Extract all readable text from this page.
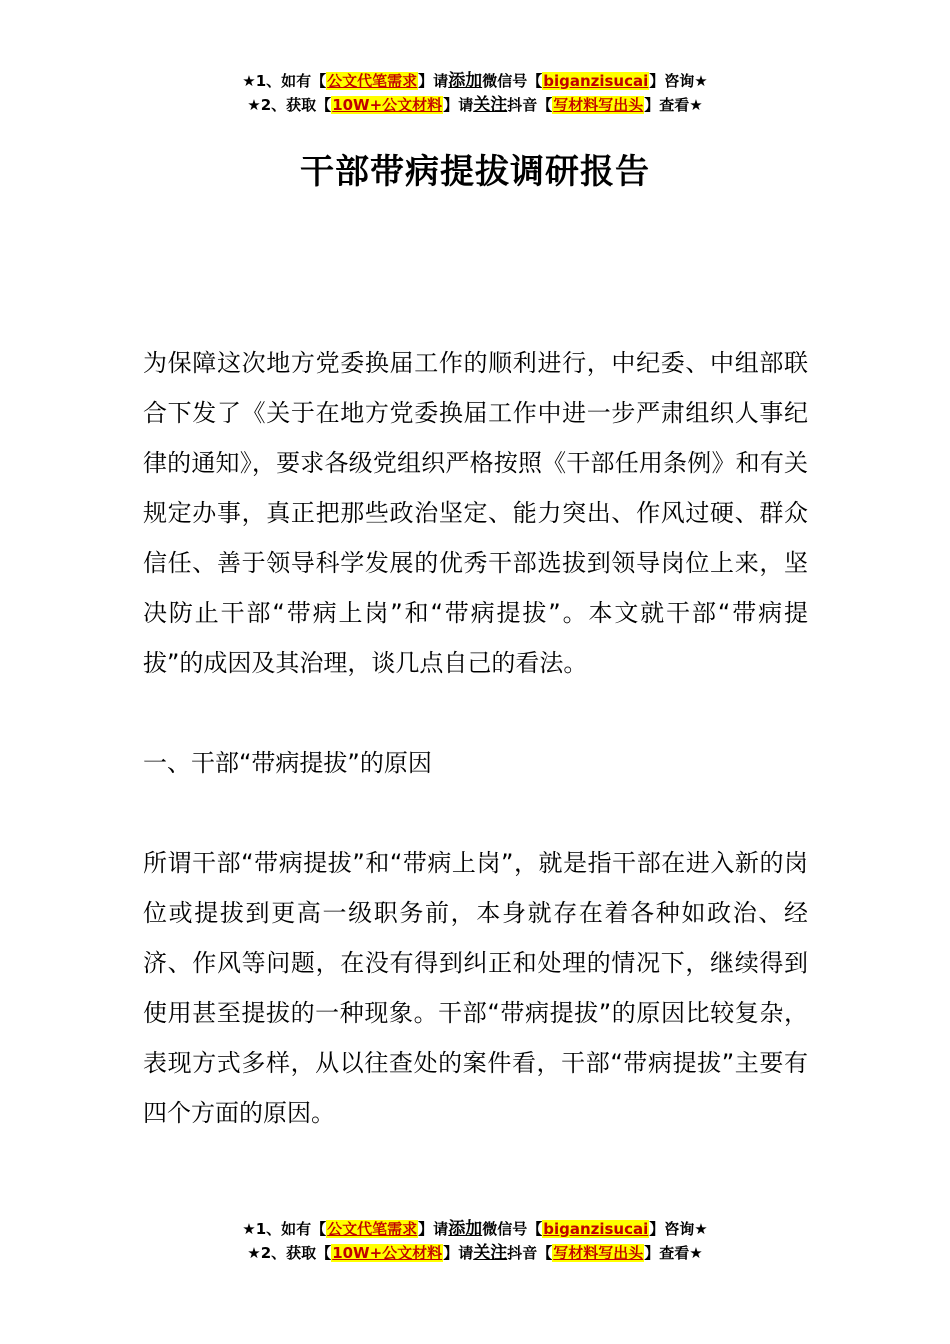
★1、如有【公文代笔需求】请添加微信号【biganzisucai】咨询★
★2、获取【10W+公文材料】请关注抖音【写材料写出头】查看★
干部带病提拔调研报告

为保障这次地方党委换届工作的顺利进行，中纪委、中组部联合下发了《关于在地方党委换届工作中进一步严肃组织人事纪律的通知》，要求各级党组织严格按照《干部任用条例》和有关规定办事，真正把那些政治坚定、能力突出、作风过硬、群众信任、善于领导科学发展的优秀干部选拔到领导岗位上来，坚决防止干部“带病上岗”和“带病提拔”。本文就干部“带病提拔”的成因及其治理，谈几点自己的看法。

一、干部“带病提拔”的原因

所谓干部“带病提拔”和“带病上岗”，就是指干部在进入新的岗位或提拔到更高一级职务前，本身就存在着各种如政治、经济、作风等问题，在没有得到纠正和处理的情况下，继续得到使用甚至提拔的一种现象。干部“带病提拔”的原因比较复杂，表现方式多样，从以往查处的案件看，干部“带病提拔”主要有四个方面的原因。

★1、如有【公文代笔需求】请添加微信号【biganzisucai】咨询★
★2、获取【10W+公文材料】请关注抖音【写材料写出头】查看★
